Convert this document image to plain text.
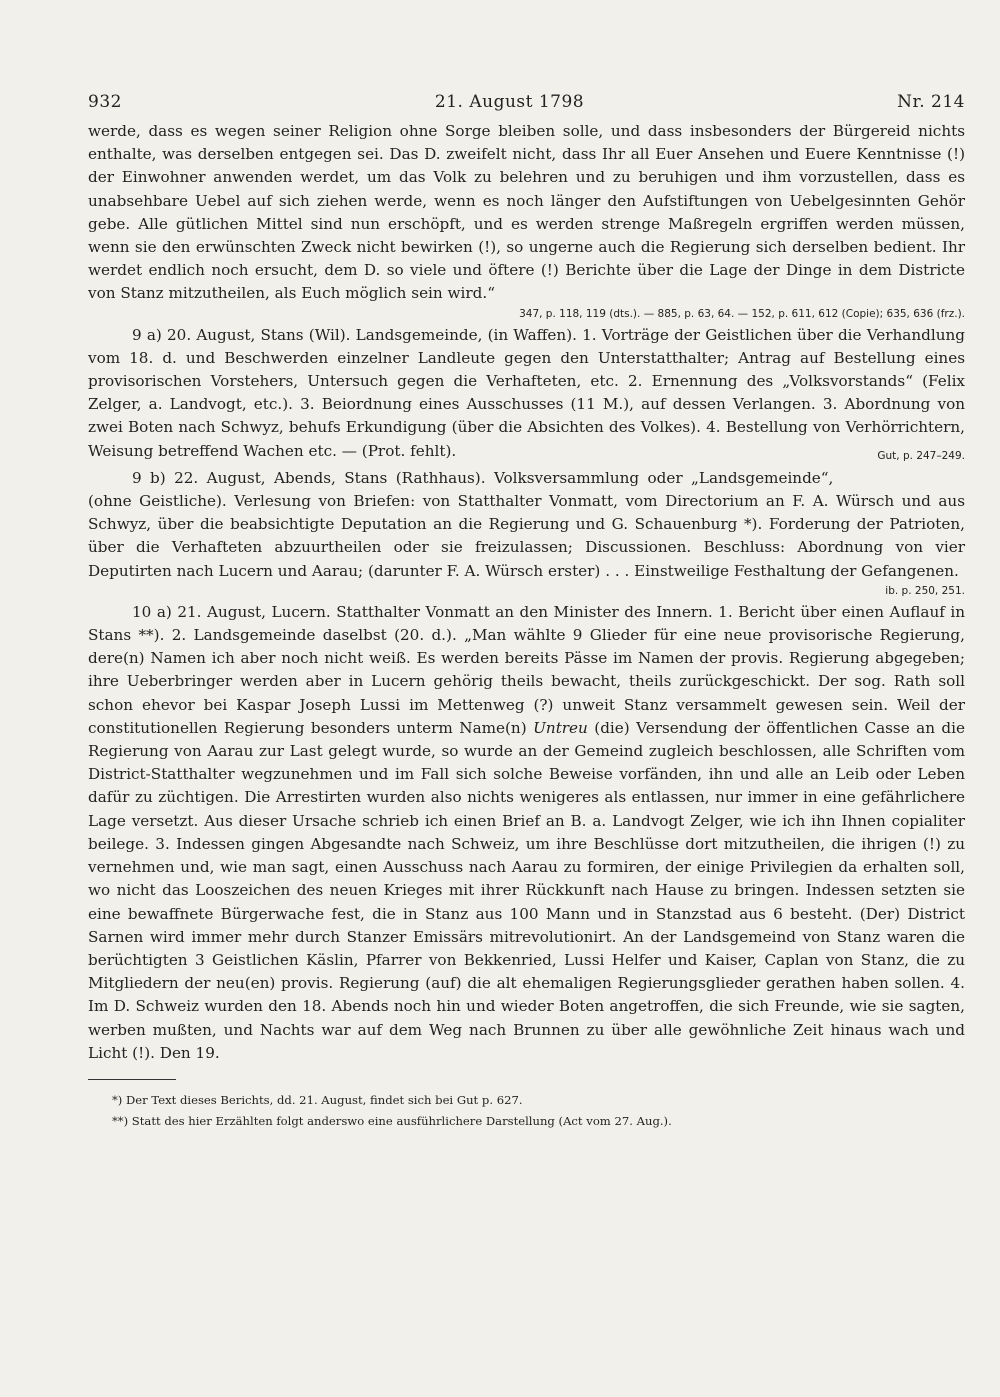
932	21. August 1798	Nr. 214

werde, dass es wegen seiner Religion ohne Sorge bleiben solle, und dass insbesonders der Bürgereid nichts enthalte, was derselben entgegen sei. Das D. zweifelt nicht, dass Ihr all Euer Ansehen und Euere Kenntnisse (!) der Einwohner anwenden werdet, um das Volk zu belehren und zu beruhigen und ihm vorzustellen, dass es unabsehbare Uebel auf sich ziehen werde, wenn es noch länger den Aufstiftungen von Uebelgesinnten Gehör gebe. Alle gütlichen Mittel sind nun erschöpft, und es werden strenge Maßregeln ergriffen werden müssen, wenn sie den erwünschten Zweck nicht bewirken (!), so ungerne auch die Regierung sich derselben bedient. Ihr werdet endlich noch ersucht, dem D. so viele und öftere (!) Berichte über die Lage der Dinge in dem Districte von Stanz mitzutheilen, als Euch möglich sein wird.“

347, p. 118, 119 (dts.). — 885, p. 63, 64. — 152, p. 611, 612 (Copie); 635, 636 (frz.).

9 a) 20. August, Stans (Wil). Landsgemeinde, (in Waffen). 1. Vorträge der Geistlichen über die Verhandlung vom 18. d. und Beschwerden einzelner Landleute gegen den Unterstatthalter; Antrag auf Bestellung eines provisorischen Vorstehers, Untersuch gegen die Verhafteten, etc. 2. Ernennung des „Volksvorstands“ (Felix Zelger, a. Landvogt, etc.). 3. Beiordnung eines Ausschusses (11 M.), auf dessen Verlangen. 3. Abordnung von zwei Boten nach Schwyz, behufs Erkundigung (über die Absichten des Volkes). 4. Bestellung von Verhörrichtern, Weisung betreffend Wachen etc. — (Prot. fehlt).	Gut, p. 247–249.

9 b) 22. August, Abends, Stans (Rathhaus). Volksversammlung oder „Landsgemeinde“, (ohne Geistliche). Verlesung von Briefen: von Statthalter Vonmatt, vom Directorium an F. A. Würsch und aus Schwyz, über die beabsichtigte Deputation an die Regierung und G. Schauenburg *). Forderung der Patrioten, über die Verhafteten abzuurtheilen oder sie freizulassen; Discussionen. Beschluss: Abordnung von vier Deputirten nach Lucern und Aarau; (darunter F. A. Würsch erster) . . . Einstweilige Festhaltung der Gefangenen.

ib. p. 250, 251.

10 a) 21. August, Lucern. Statthalter Vonmatt an den Minister des Innern. 1. Bericht über einen Auflauf in Stans **). 2. Landsgemeinde daselbst (20. d.). „Man wählte 9 Glieder für eine neue provisorische Regierung, dere(n) Namen ich aber noch nicht weiß. Es werden bereits Pässe im Namen der provis. Regierung abgegeben; ihre Ueberbringer werden aber in Lucern gehörig theils bewacht, theils zurückgeschickt. Der sog. Rath soll schon ehevor bei Kaspar Joseph Lussi im Mettenweg (?) unweit Stanz versammelt gewesen sein. Weil der constitutionellen Regierung besonders unterm Name(n) Untreu (die) Versendung der öffentlichen Casse an die Regierung von Aarau zur Last gelegt wurde, so wurde an der Gemeind zugleich beschlossen, alle Schriften vom District-Statthalter wegzunehmen und im Fall sich solche Beweise vorfänden, ihn und alle an Leib oder Leben dafür zu züchtigen. Die Arrestirten wurden also nichts wenigeres als entlassen, nur immer in eine gefährlichere Lage versetzt. Aus dieser Ursache schrieb ich einen Brief an B. a. Landvogt Zelger, wie ich ihn Ihnen copialiter beilege. 3. Indessen gingen Abgesandte nach Schweiz, um ihre Beschlüsse dort mitzutheilen, die ihrigen (!) zu vernehmen und, wie man sagt, einen Ausschuss nach Aarau zu formiren, der einige Privilegien da erhalten soll, wo nicht das Looszeichen des neuen Krieges mit ihrer Rückkunft nach Hause zu bringen. Indessen setzten sie eine bewaffnete Bürgerwache fest, die in Stanz aus 100 Mann und in Stanzstad aus 6 besteht. (Der) District Sarnen wird immer mehr durch Stanzer Emissärs mitrevolutionirt. An der Landsgemeind von Stanz waren die berüchtigten 3 Geistlichen Käslin, Pfarrer von Bekkenried, Lussi Helfer und Kaiser, Caplan von Stanz, die zu Mitgliedern der neu(en) provis. Regierung (auf) die alt ehemaligen Regierungsglieder gerathen haben sollen. 4. Im D. Schweiz wurden den 18. Abends noch hin und wieder Boten angetroffen, die sich Freunde, wie sie sagten, werben mußten, und Nachts war auf dem Weg nach Brunnen zu über alle gewöhnliche Zeit hinaus wach und Licht (!). Den 19.

*) Der Text dieses Berichts, dd. 21. August, findet sich bei Gut p. 627.

**) Statt des hier Erzählten folgt anderswo eine ausführlichere Darstellung (Act vom 27. Aug.).
